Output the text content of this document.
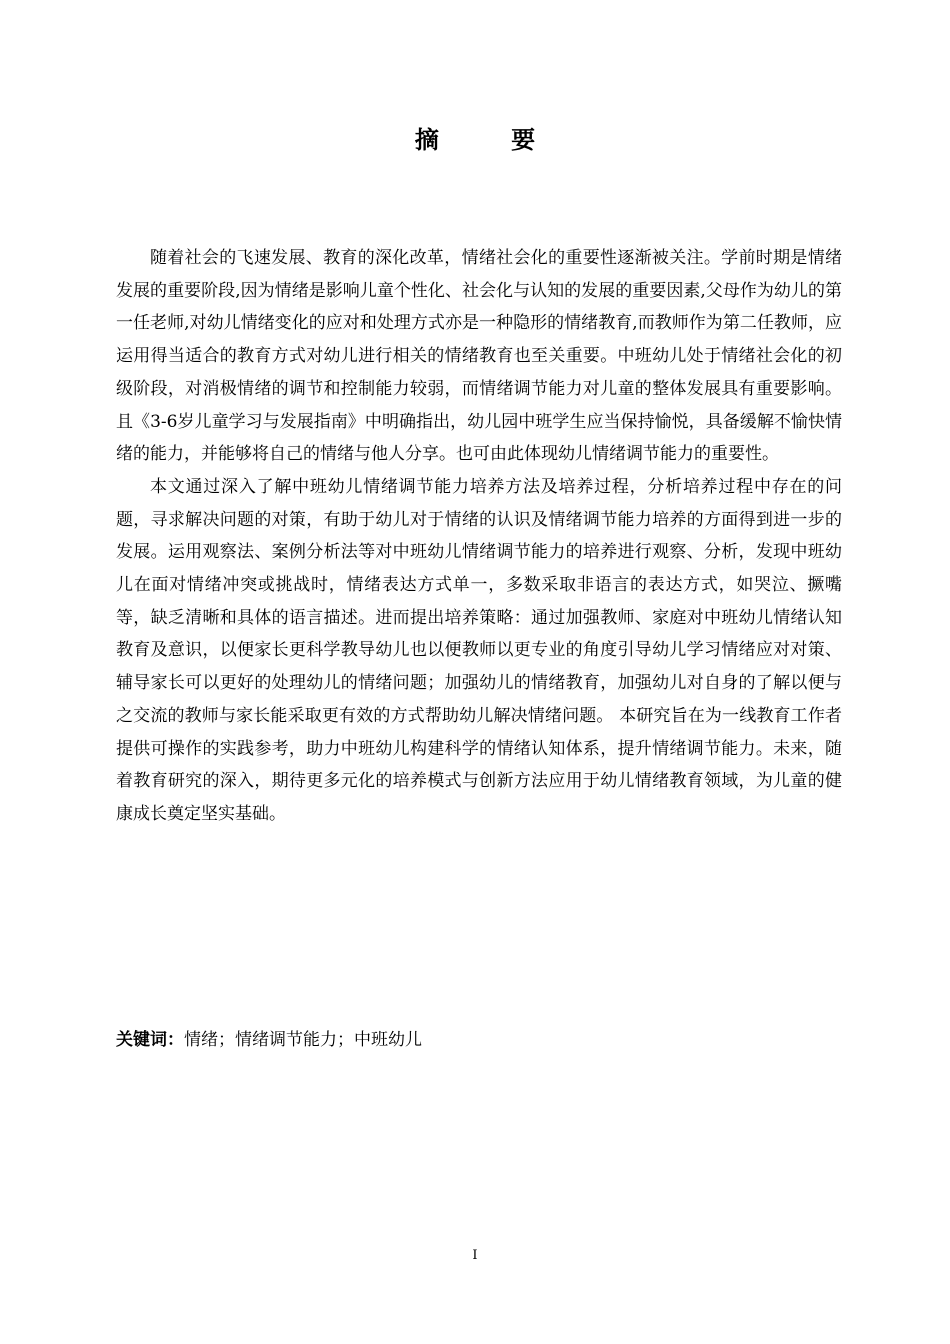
摘 要

随着社会的飞速发展、教育的深化改革，情绪社会化的重要性逐渐被关注。学前时期是情绪发展的重要阶段,因为情绪是影响儿童个性化、社会化与认知的发展的重要因素,父母作为幼儿的第一任老师,对幼儿情绪变化的应对和处理方式亦是一种隐形的情绪教育,而教师作为第二任教师，应运用得当适合的教育方式对幼儿进行相关的情绪教育也至关重要。中班幼儿处于情绪社会化的初级阶段，对消极情绪的调节和控制能力较弱，而情绪调节能力对儿童的整体发展具有重要影响。且《3-6岁儿童学习与发展指南》中明确指出，幼儿园中班学生应当保持愉悦，具备缓解不愉快情绪的能力，并能够将自己的情绪与他人分享。也可由此体现幼儿情绪调节能力的重要性。

本文通过深入了解中班幼儿情绪调节能力培养方法及培养过程，分析培养过程中存在的问题，寻求解决问题的对策，有助于幼儿对于情绪的认识及情绪调节能力培养的方面得到进一步的发展。运用观察法、案例分析法等对中班幼儿情绪调节能力的培养进行观察、分析，发现中班幼儿在面对情绪冲突或挑战时，情绪表达方式单一，多数采取非语言的表达方式，如哭泣、撅嘴等，缺乏清晰和具体的语言描述。进而提出培养策略：通过加强教师、家庭对中班幼儿情绪认知教育及意识，以便家长更科学教导幼儿也以便教师以更专业的角度引导幼儿学习情绪应对对策、辅导家长可以更好的处理幼儿的情绪问题；加强幼儿的情绪教育，加强幼儿对自身的了解以便与之交流的教师与家长能采取更有效的方式帮助幼儿解决情绪问题。 本研究旨在为一线教育工作者提供可操作的实践参考，助力中班幼儿构建科学的情绪认知体系，提升情绪调节能力。未来，随着教育研究的深入，期待更多元化的培养模式与创新方法应用于幼儿情绪教育领域，为儿童的健康成长奠定坚实基础。

关键词：情绪；情绪调节能力；中班幼儿
I
